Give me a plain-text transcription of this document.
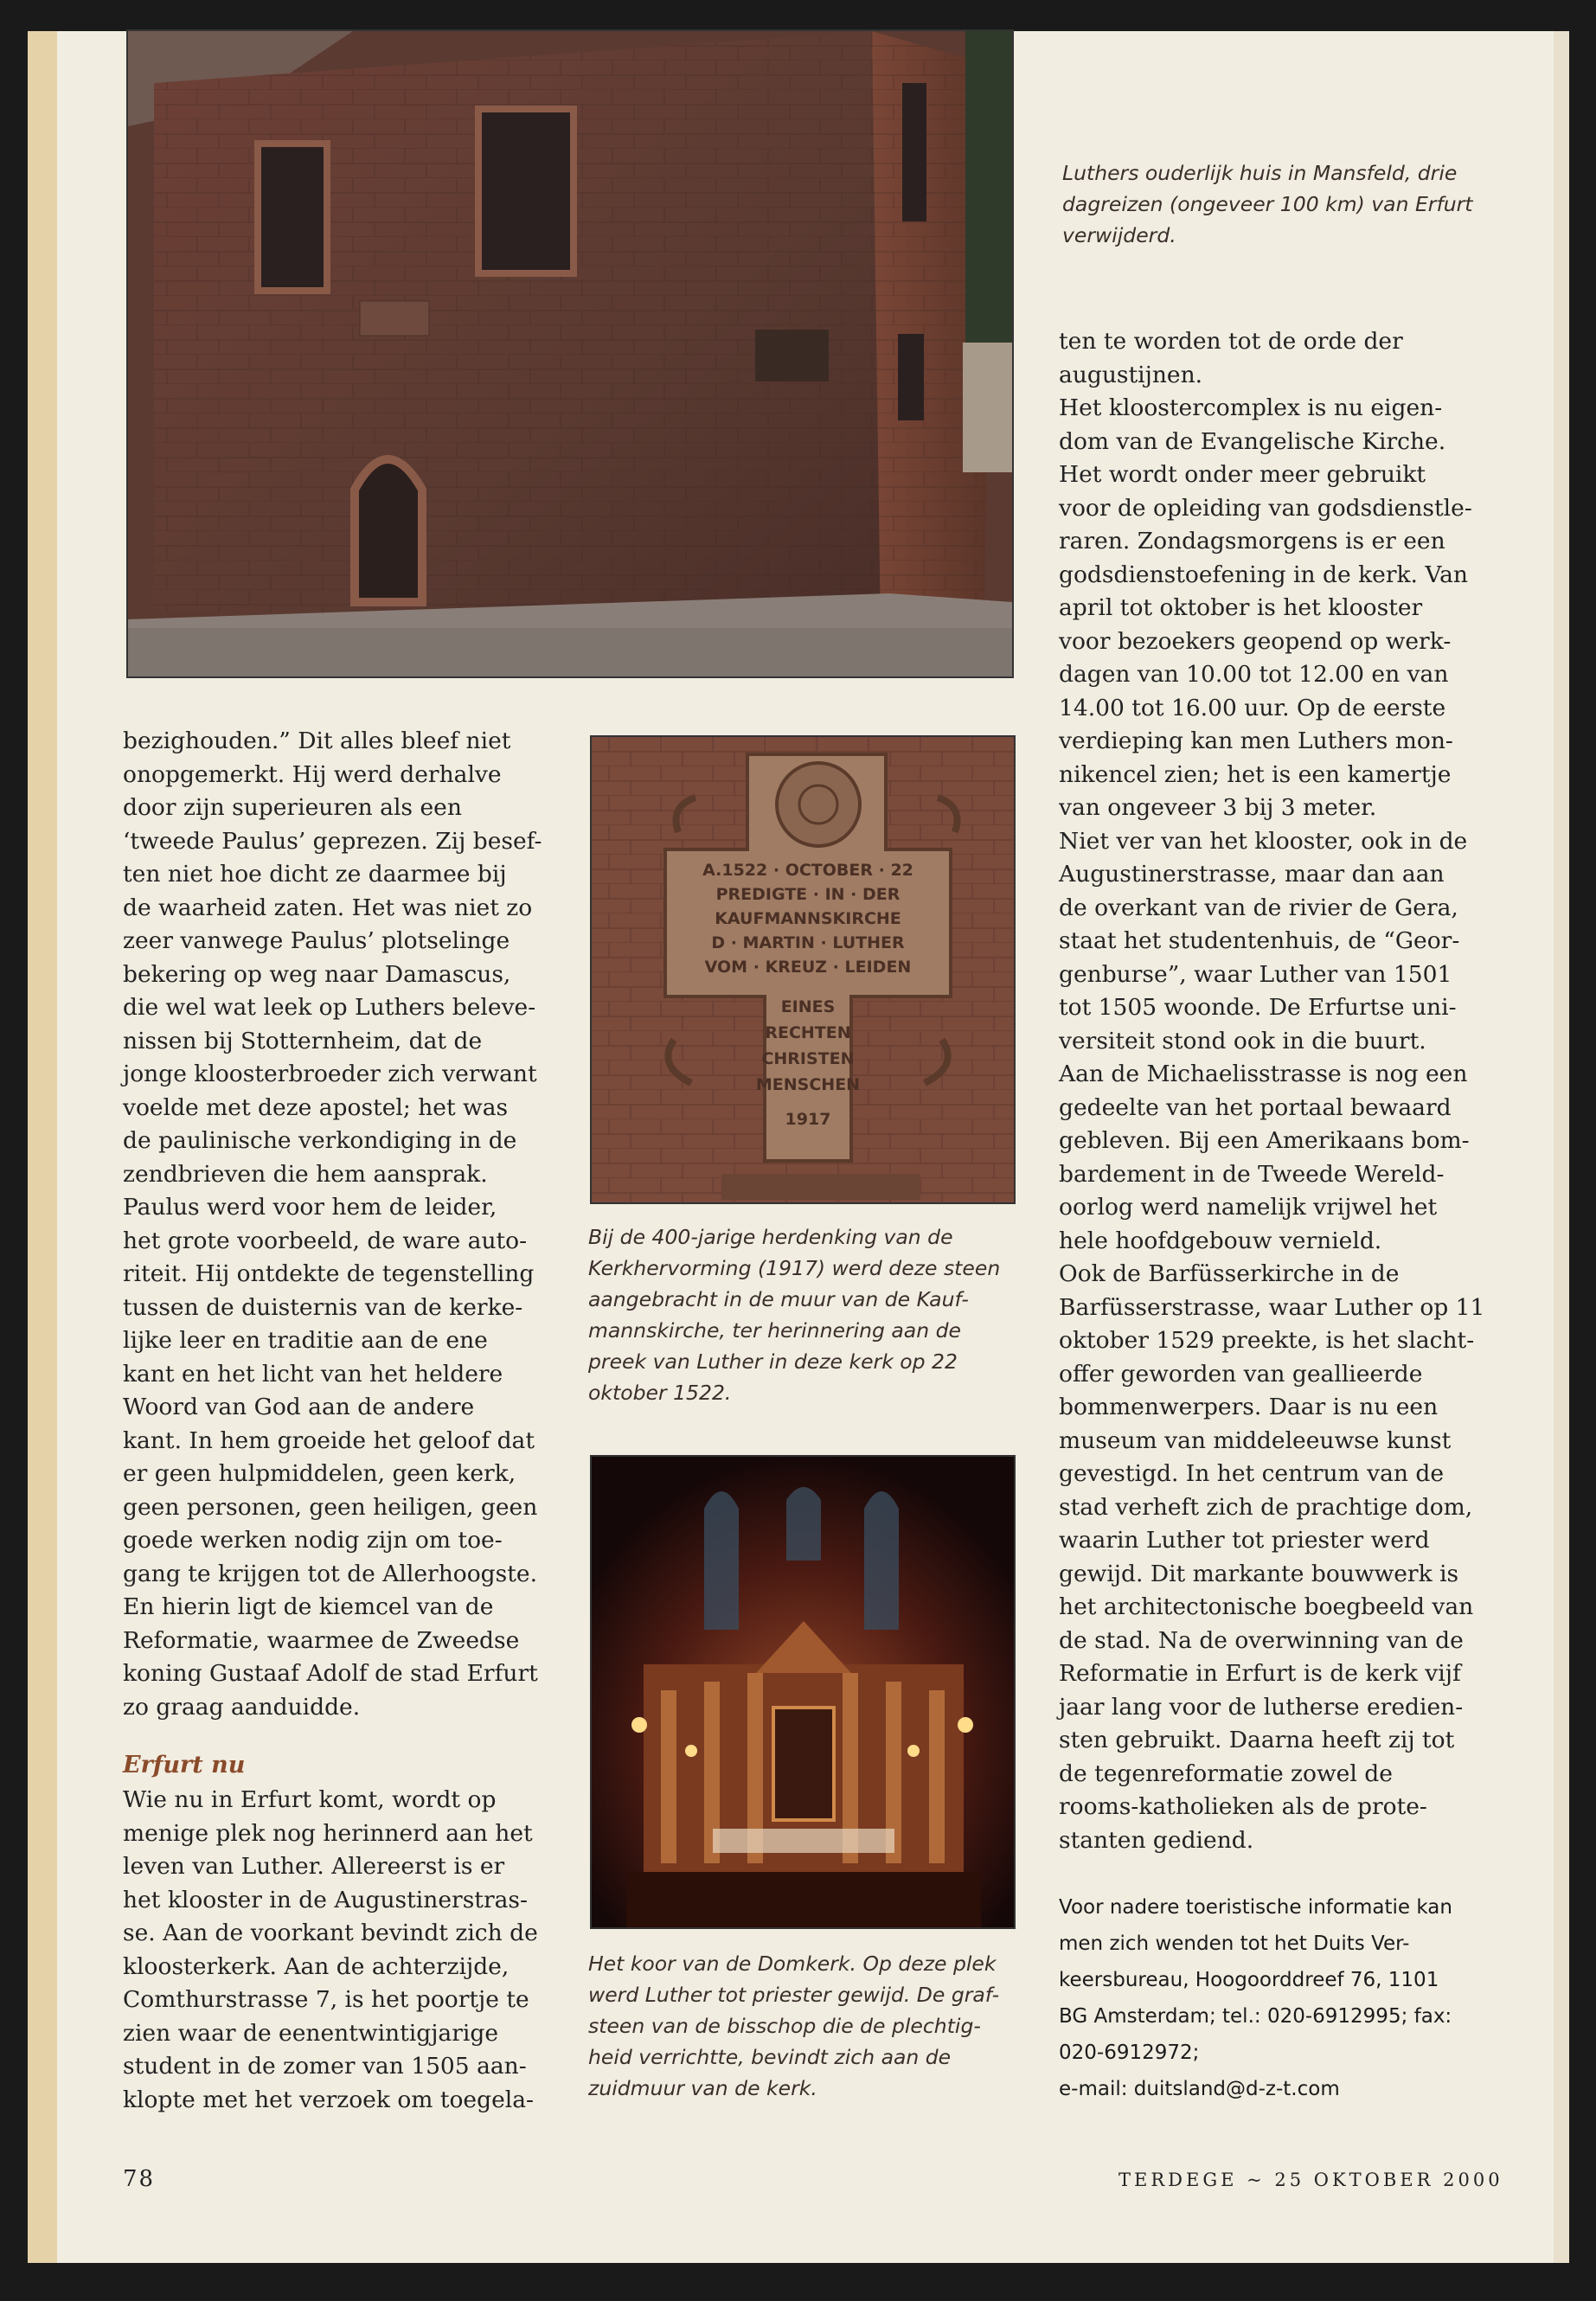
Luthers ouderlijk huis in Mansfeld, drie
dagreizen (ongeveer 100 km) van Erfurt
verwijderd.

bezighouden.” Dit alles bleef niet
onopgemerkt. Hij werd derhalve
door zijn superieuren als een
‘tweede Paulus’ geprezen. Zij besef-
ten niet hoe dicht ze daarmee bij
de waarheid zaten. Het was niet zo
zeer vanwege Paulus’ plotselinge
bekering op weg naar Damascus,
die wel wat leek op Luthers beleve-
nissen bij Stotternheim, dat de
jonge kloosterbroeder zich verwant
voelde met deze apostel; het was
de paulinische verkondiging in de
zendbrieven die hem aansprak.
Paulus werd voor hem de leider,
het grote voorbeeld, de ware auto-
riteit. Hij ontdekte de tegenstelling
tussen de duisternis van de kerke-
lijke leer en traditie aan de ene
kant en het licht van het heldere
Woord van God aan de andere
kant. In hem groeide het geloof dat
er geen hulpmiddelen, geen kerk,
geen personen, geen heiligen, geen
goede werken nodig zijn om toe-
gang te krijgen tot de Allerhoogste.
En hierin ligt de kiemcel van de
Reformatie, waarmee de Zweedse
koning Gustaaf Adolf de stad Erfurt
zo graag aanduidde.

Erfurt nu

Wie nu in Erfurt komt, wordt op
menige plek nog herinnerd aan het
leven van Luther. Allereerst is er
het klooster in de Augustinerstras-
se. Aan de voorkant bevindt zich de
kloosterkerk. Aan de achterzijde,
Comthurstrasse 7, is het poortje te
zien waar de eenentwintigjarige
student in de zomer van 1505 aan-
klopte met het verzoek om toegela-

A.1522 · OCTOBER · 22
PREDIGTE · IN · DER
KAUFMANNSKIRCHE
D · MARTIN · LUTHER
VOM · KREUZ · LEIDEN
EINES
RECHTEN
CHRISTEN
MENSCHEN
1917

Bij de 400-jarige herdenking van de
Kerkhervorming (1917) werd deze steen
aangebracht in de muur van de Kauf-
mannskirche, ter herinnering aan de
preek van Luther in deze kerk op 22
oktober 1522.

Het koor van de Domkerk. Op deze plek
werd Luther tot priester gewijd. De graf-
steen van de bisschop die de plechtig-
heid verrichtte, bevindt zich aan de
zuidmuur van de kerk.

ten te worden tot de orde der
augustijnen.
Het kloostercomplex is nu eigen-
dom van de Evangelische Kirche.
Het wordt onder meer gebruikt
voor de opleiding van godsdienstle-
raren. Zondagsmorgens is er een
godsdienstoefening in de kerk. Van
april tot oktober is het klooster
voor bezoekers geopend op werk-
dagen van 10.00 tot 12.00 en van
14.00 tot 16.00 uur. Op de eerste
verdieping kan men Luthers mon-
nikencel zien; het is een kamertje
van ongeveer 3 bij 3 meter.
Niet ver van het klooster, ook in de
Augustinerstrasse, maar dan aan
de overkant van de rivier de Gera,
staat het studentenhuis, de “Geor-
genburse”, waar Luther van 1501
tot 1505 woonde. De Erfurtse uni-
versiteit stond ook in die buurt.
Aan de Michaelisstrasse is nog een
gedeelte van het portaal bewaard
gebleven. Bij een Amerikaans bom-
bardement in de Tweede Wereld-
oorlog werd namelijk vrijwel het
hele hoofdgebouw vernield.
Ook de Barfüsserkirche in de
Barfüsserstrasse, waar Luther op 11
oktober 1529 preekte, is het slacht-
offer geworden van geallieerde
bommenwerpers. Daar is nu een
museum van middeleeuwse kunst
gevestigd. In het centrum van de
stad verheft zich de prachtige dom,
waarin Luther tot priester werd
gewijd. Dit markante bouwwerk is
het architectonische boegbeeld van
de stad. Na de overwinning van de
Reformatie in Erfurt is de kerk vijf
jaar lang voor de lutherse eredien-
sten gebruikt. Daarna heeft zij tot
de tegenreformatie zowel de
rooms-katholieken als de prote-
stanten gediend.

Voor nadere toeristische informatie kan
men zich wenden tot het Duits Ver-
keersbureau, Hoogoorddreef 76, 1101
BG Amsterdam; tel.: 020-6912995; fax:
020-6912972;
e-mail: duitsland@d-z-t.com

78	TERDEGE ~ 25 OKTOBER 2000
